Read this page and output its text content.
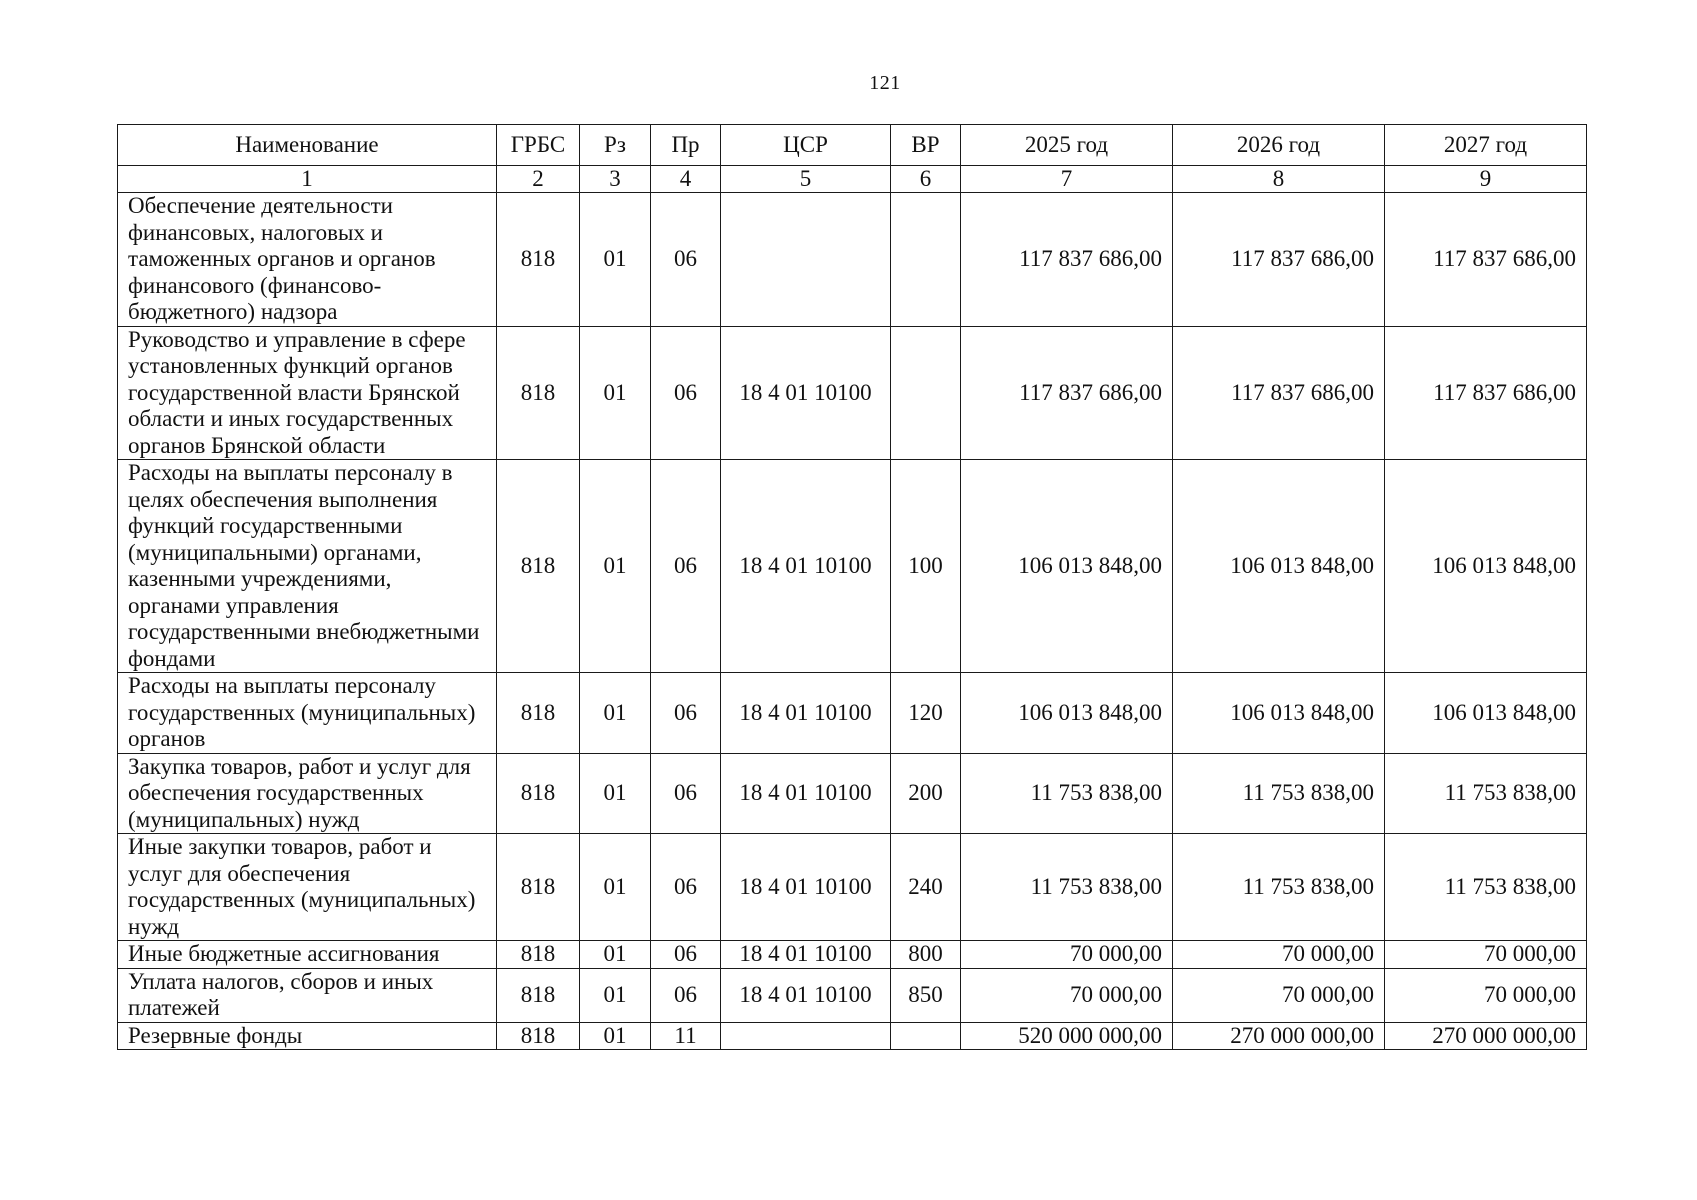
121
Наименование	ГРБС	Рз	Пр	ЦСР	ВР	2025 год	2026 год	2027 год
1	2	3	4	5	6	7	8	9
Обеспечение деятельности финансовых, налоговых и таможенных органов и органов финансового (финансово-бюджетного) надзора	818	01	06			117 837 686,00	117 837 686,00	117 837 686,00
Руководство и управление в сфере установленных функций органов государственной власти Брянской области и иных государственных органов Брянской области	818	01	06	18 4 01 10100		117 837 686,00	117 837 686,00	117 837 686,00
Расходы на выплаты персоналу в целях обеспечения выполнения функций государственными (муниципальными) органами, казенными учреждениями, органами управления государственными внебюджетными фондами	818	01	06	18 4 01 10100	100	106 013 848,00	106 013 848,00	106 013 848,00
Расходы на выплаты персоналу государственных (муниципальных) органов	818	01	06	18 4 01 10100	120	106 013 848,00	106 013 848,00	106 013 848,00
Закупка товаров, работ и услуг для обеспечения государственных (муниципальных) нужд	818	01	06	18 4 01 10100	200	11 753 838,00	11 753 838,00	11 753 838,00
Иные закупки товаров, работ и услуг для обеспечения государственных (муниципальных) нужд	818	01	06	18 4 01 10100	240	11 753 838,00	11 753 838,00	11 753 838,00
Иные бюджетные ассигнования	818	01	06	18 4 01 10100	800	70 000,00	70 000,00	70 000,00
Уплата налогов, сборов и иных платежей	818	01	06	18 4 01 10100	850	70 000,00	70 000,00	70 000,00
Резервные фонды	818	01	11			520 000 000,00	270 000 000,00	270 000 000,00
